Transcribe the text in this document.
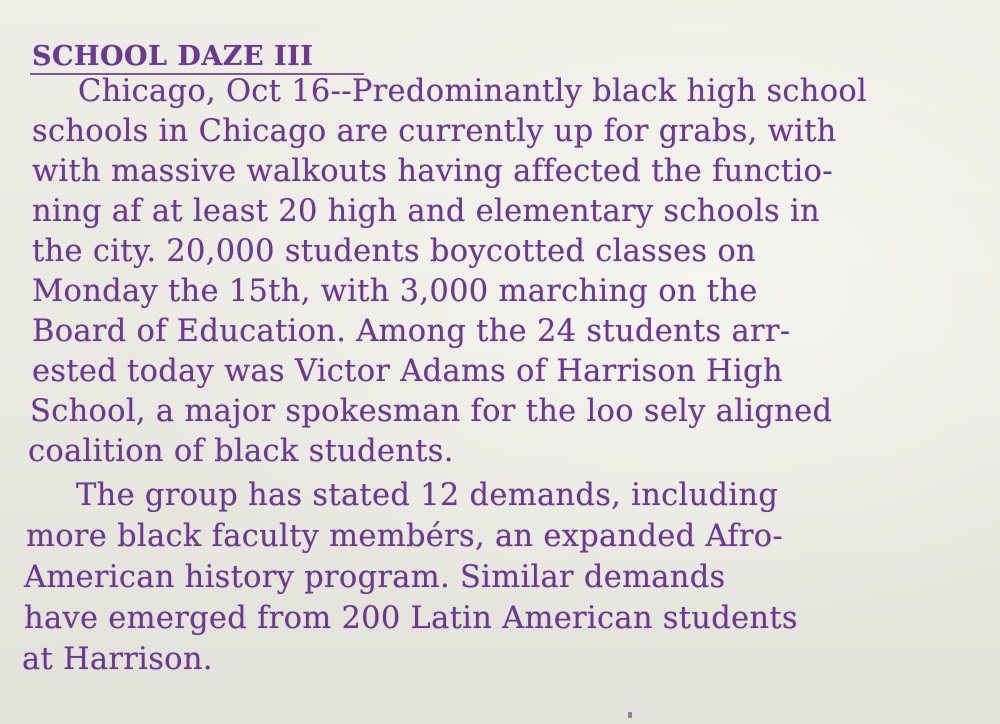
SCHOOL DAZE III
Chicago, Oct 16--Predominantly black high school
schools in Chicago are currently up for grabs, with
with massive walkouts having affected the functio-
ning af at least 20 high and elementary schools in
the city. 20,000 students boycotted classes on
Monday the 15th, with 3,000 marching on the
Board of Education. Among the 24 students arr-
ested today was Victor Adams of Harrison High
School, a major spokesman for the loo sely aligned
coalition of black students.
The group has stated 12 demands, including
more black faculty membérs, an expanded Afro-
American history program. Similar demands
have emerged from 200 Latin American students
at Harrison.
